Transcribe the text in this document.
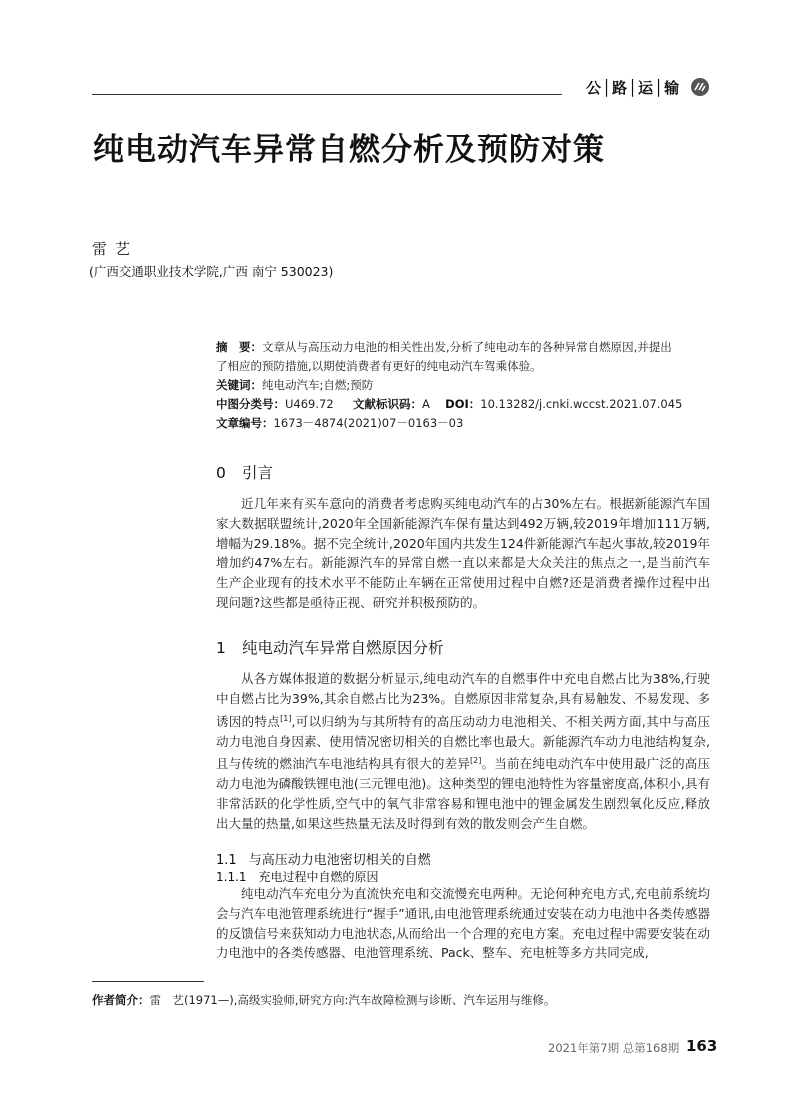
公│路│运│输
纯电动汽车异常自燃分析及预防对策
雷艺
(广西交通职业技术学院,广西 南宁 530023)
摘　要：文章从与高压动力电池的相关性出发,分析了纯电动车的各种异常自燃原因,并提出
了相应的预防措施,以期使消费者有更好的纯电动汽车驾乘体验。
关键词：纯电动汽车;自燃;预防
中图分类号：U469.72 文献标识码：A DOI：10.13282/j.cnki.wccst.2021.07.045
文章编号：1673－4874(2021)07－0163－03
0 引言

近几年来有买车意向的消费者考虑购买纯电动汽车的占30%左右。根据新能源汽车国家大数据联盟统计,2020年全国新能源汽车保有量达到492万辆,较2019年增加111万辆,增幅为29.18%。据不完全统计,2020年国内共发生124件新能源汽车起火事故,较2019年增加约47%左右。新能源汽车的异常自燃一直以来都是大众关注的焦点之一,是当前汽车生产企业现有的技术水平不能防止车辆在正常使用过程中自燃?还是消费者操作过程中出现问题?这些都是亟待正视、研究并积极预防的。

1 纯电动汽车异常自燃原因分析

从各方媒体报道的数据分析显示,纯电动汽车的自燃事件中充电自燃占比为38%,行驶中自燃占比为39%,其余自燃占比为23%。自燃原因非常复杂,具有易触发、不易发现、多诱因的特点[1],可以归纳为与其所特有的高压动动力电池相关、不相关两方面,其中与高压动力电池自身因素、使用情况密切相关的自燃比率也最大。新能源汽车动力电池结构复杂,且与传统的燃油汽车电池结构具有很大的差异[2]。当前在纯电动汽车中使用最广泛的高压动力电池为磷酸铁锂电池(三元锂电池)。这种类型的锂电池特性为容量密度高,体积小,具有非常活跃的化学性质,空气中的氧气非常容易和锂电池中的锂金属发生剧烈氧化反应,释放出大量的热量,如果这些热量无法及时得到有效的散发则会产生自燃。

1.1 与高压动力电池密切相关的自燃
1.1.1 充电过程中自燃的原因

纯电动汽车充电分为直流快充电和交流慢充电两种。无论何种充电方式,充电前系统均会与汽车电池管理系统进行“握手”通讯,由电池管理系统通过安装在动力电池中各类传感器的反馈信号来获知动力电池状态,从而给出一个合理的充电方案。充电过程中需要安装在动力电池中的各类传感器、电池管理系统、Pack、整车、充电桩等多方共同完成,

作者简介：雷　艺(1971—),高级实验师,研究方向:汽车故障检测与诊断、汽车运用与维修。
2021年第7期 总第168期 163
